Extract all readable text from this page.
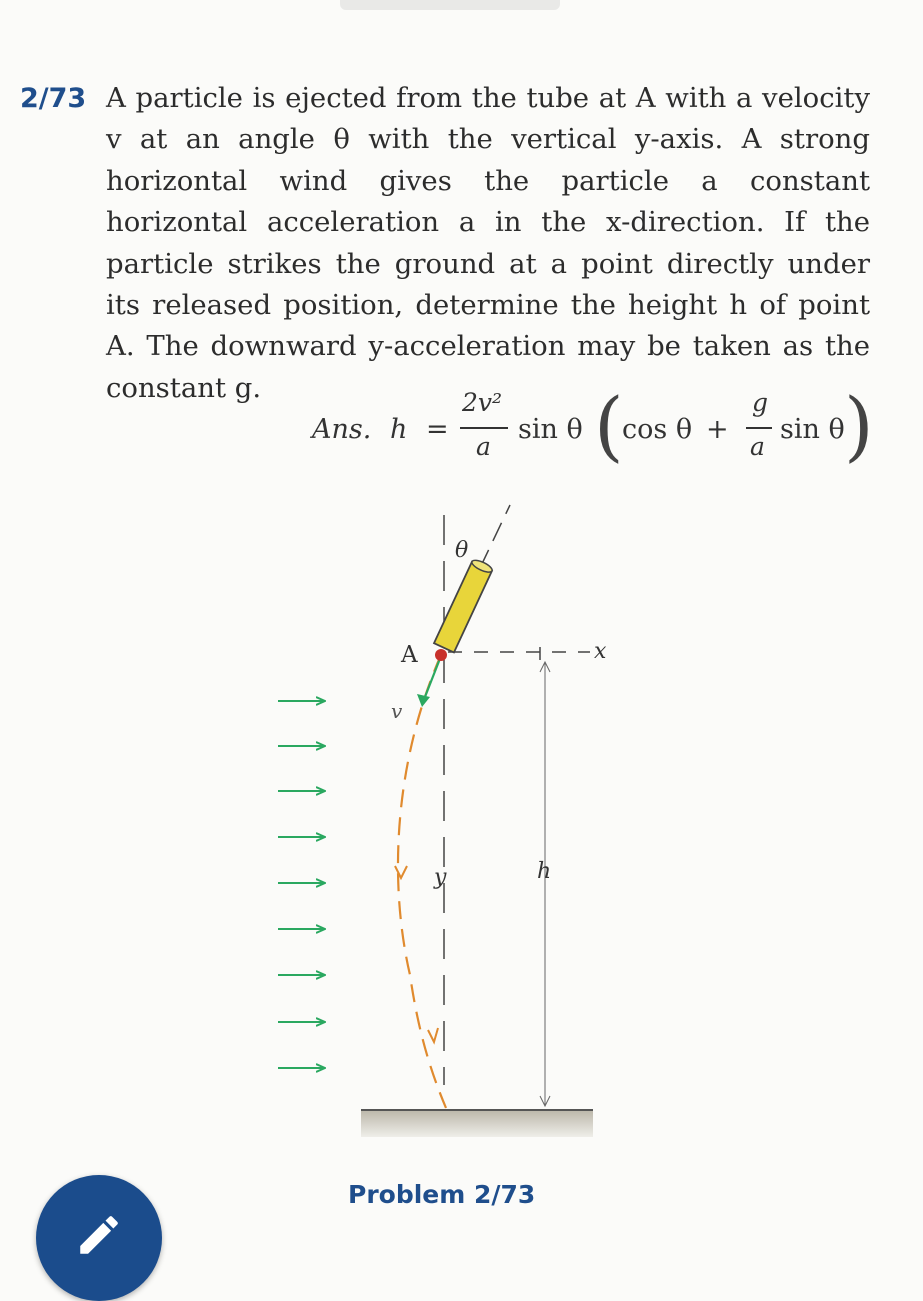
2/73 A particle is ejected from the tube at A with a velocity v at an angle θ with the vertical y-axis. A strong horizontal wind gives the particle a constant horizontal acceleration a in the x-direction. If the particle strikes the ground at a point directly under its released position, determine the height h of point A. The downward y-acceleration may be taken as the constant g.
Ans. h =
2v²
a
sin θ (
cos θ +
g
a
sin θ )
θ
A	x
v
y	h
Problem 2/73
